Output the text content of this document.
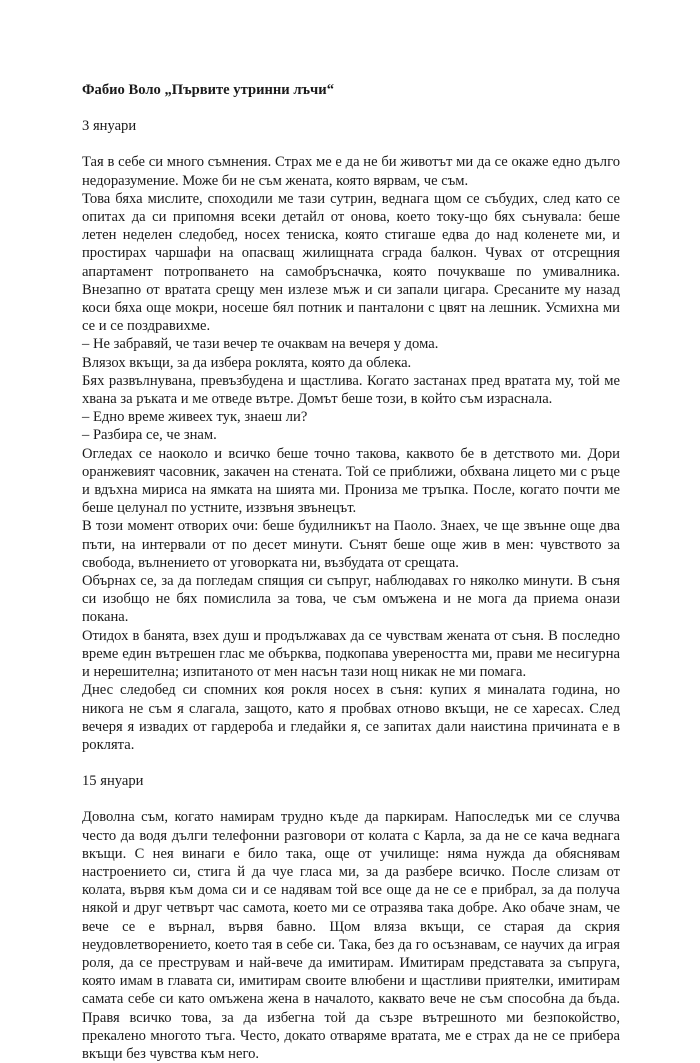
Фабио Воло „Първите утринни лъчи“

3 януари

Тая в себе си много съмнения. Страх ме е да не би животът ми да се окаже едно дълго недоразумение. Може би не съм жената, която вярвам, че съм.

Това бяха мислите, споходили ме тази сутрин, веднага щом се събудих, след като се опитах да си припомня всеки детайл от онова, което току-що бях сънувала: беше летен неделен следобед, носех тениска, която стигаше едва до над коленете ми, и простирах чаршафи на опасващ жилищната сграда балкон. Чувах от отсрещния апартамент потропването на самобръсначка, която почукваше по умивалника. Внезапно от вратата срещу мен излезе мъж и си запали цигара. Сресаните му назад коси бяха още мокри, носеше бял потник и панталони с цвят на лешник. Усмихна ми се и се поздравихме.

– Не забравяй, че тази вечер те очаквам на вечеря у дома.

Влязох вкъщи, за да избера роклята, която да облека.

Бях развълнувана, превъзбудена и щастлива. Когато застанах пред вратата му, той ме хвана за ръката и ме отведе вътре. Домът беше този, в който съм израснала.

– Едно време живеех тук, знаеш ли?

– Разбира се, че знам.

Огледах се наоколо и всичко беше точно такова, каквото бе в детството ми. Дори оранжевият часовник, закачен на стената. Той се приближи, обхвана лицето ми с ръце и вдъхна мириса на ямката на шията ми. Прониза ме тръпка. После, когато почти ме беше целунал по устните, иззвъня звънецът.

В този момент отворих очи: беше будилникът на Паоло. Знаех, че ще звънне още два пъти, на интервали от по десет минути. Сънят беше още жив в мен: чувството за свобода, вълнението от уговорката ни, възбудата от срещата.

Обърнах се, за да погледам спящия си съпруг, наблюдавах го няколко минути. В съня си изобщо не бях помислила за това, че съм омъжена и не мога да приема онази покана.

Отидох в банята, взех душ и продължавах да се чувствам жената от съня. В последно време един вътрешен глас ме обърква, подкопава увереността ми, прави ме несигурна и нерешителна; изпитаното от мен насън тази нощ никак не ми помага.

Днес следобед си спомних коя рокля носех в съня: купих я миналата година, но никога не съм я слагала, защото, като я пробвах отново вкъщи, не се харесах. След вечеря я извадих от гардероба и гледайки я, се запитах дали наистина причината е в роклята.

15 януари

Доволна съм, когато намирам трудно къде да паркирам. Напоследък ми се случва често да водя дълги телефонни разговори от колата с Карла, за да не се кача веднага вкъщи. С нея винаги е било така, още от училище: няма нужда да обяснявам настроението си, стига й да чуе гласа ми, за да разбере всичко. После слизам от колата, вървя към дома си и се надявам той все още да не се е прибрал, за да получа някой и друг четвърт час самота, което ми се отразява така добре. Ако обаче знам, че вече се е върнал, вървя бавно. Щом вляза вкъщи, се старая да скрия неудовлетворението, което тая в себе си. Така, без да го осъзнавам, се научих да играя роля, да се преструвам и най-вече да имитирам. Имитирам представата за съпруга, която имам в главата си, имитирам своите влюбени и щастливи приятелки, имитирам самата себе си като омъжена жена в началото, каквато вече не съм способна да бъда. Правя всичко това, за да избегна той да съзре вътрешното ми безпокойство, прекалено многото тъга. Често, докато отваряме вратата, ме е страх да не се прибера вкъщи без чувства към него.
